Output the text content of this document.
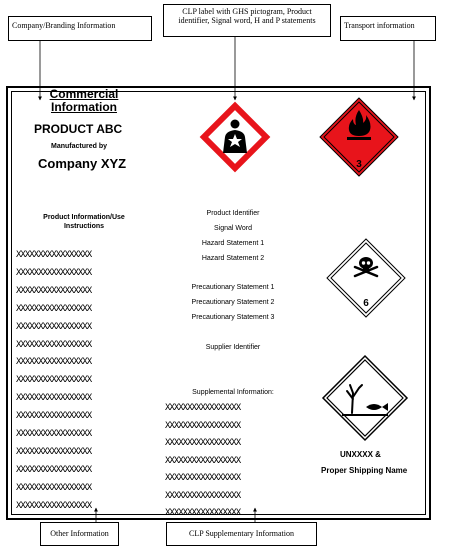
Company/Branding Information
CLP label with GHS pictogram, Product identifier, Signal word, H and P statements
Transport information
Other Information	CLP Supplementary Information
Commercial Information
PRODUCT ABC
Manufactured by
Company XYZ
Product Information/Use Instructions
XXXXXXXXXXXXXXXXX
XXXXXXXXXXXXXXXXX
XXXXXXXXXXXXXXXXX
XXXXXXXXXXXXXXXXX
XXXXXXXXXXXXXXXXX
XXXXXXXXXXXXXXXXX
XXXXXXXXXXXXXXXXX
XXXXXXXXXXXXXXXXX
XXXXXXXXXXXXXXXXX
XXXXXXXXXXXXXXXXX
XXXXXXXXXXXXXXXXX
XXXXXXXXXXXXXXXXX
XXXXXXXXXXXXXXXXX
XXXXXXXXXXXXXXXXX
XXXXXXXXXXXXXXXXX
Product Identifier
Signal Word
Hazard Statement 1
Hazard Statement 2
Precautionary Statement 1
Precautionary Statement 2
Precautionary Statement 3
Supplier Identifier
Supplemental Information:
XXXXXXXXXXXXXXXXX
XXXXXXXXXXXXXXXXX
XXXXXXXXXXXXXXXXX
XXXXXXXXXXXXXXXXX
XXXXXXXXXXXXXXXXX
XXXXXXXXXXXXXXXXX
XXXXXXXXXXXXXXXXX
3
6
UNXXXX &
Proper Shipping Name
